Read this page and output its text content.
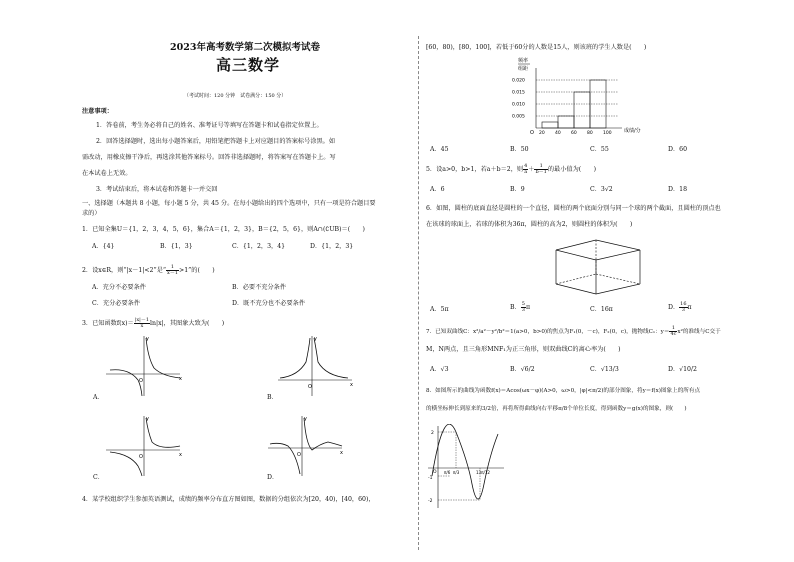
2023年高考数学第二次模拟考试卷
高三数学
（考试时间：120 分钟　试卷满分：150 分）
注意事项：
1．答卷前，考生务必将自己的姓名、准考证号等填写在答题卡和试卷指定位置上。
2．回答选择题时，选出每小题答案后，用铅笔把答题卡上对应题目的答案标号涂黑。如
需改动，用橡皮擦干净后，再选涂其他答案标号。回答非选择题时，将答案写在答题卡上。写
在本试卷上无效。
3．考试结束后，将本试卷和答题卡一并交回
一、选择题（本题共 8 小题，每小题 5 分，共 45 分。在每小题给出的四个选项中，只有一项是符合题目要
求的）
1．已知全集U＝{1，2，3，4，5，6}，集合A＝{1，2，3}，B＝{2，5，6}，则A∩(∁UB)＝(　　)
A．{4}	B．{1，3}	C．{1，2，3，4}	D．{1，2，3}
2．设x∈R，则“|x－1|<2”是“ $\frac{1}{x-1} >1$”的(　　)
A．充分不必要条件	B．必要不充分条件
C．充分必要条件	D．既不充分也不必要条件
3．已知函数$f(x)= \frac{|x|-1}{x} \ln|x|$，其图象大致为(　　)
O	x
y
A．
O	x
y
B．
O	x
y
C．
O	x
y
D．
4．某学校组织学生参加英语测试，成绩的频率分布直方图如图，数据的分组依次为[20，40)，[40，60)，
[60，80)，[80，100]，若低于60分的人数是15人，则该班的学生人数是(　　)
频率
组距
0.020
0.015
0.010
0.005
20 40 60 80 100
O	成绩/分
A．45	B．50	C．55	D．60
5．设a>0，b>1，若a＋b＝2，则 $\frac{4}{a} + \frac{1}{b-1}$ 的最小值为(　　)
A．6	B．9	C．3√2	D．18
6．如图，圆柱的底面直径是圆柱的一个直径，圆柱的两个底面分别与同一个球的两个截面，且圆柱的顶点也
在该球的球面上，若球的体积为36π，圆柱的高为2，则圆柱的体积为(　　)
A．5π	B． $\frac{5}{3}$ π	C．16π	D． $\frac{16}{3}$ π
7．已知双曲线C：x²/a²－y²/b²＝1(a>0，b>0)的焦点为F₁(0，－c)，F₂(0，c)，抛物线C₁：$y= \frac{1}{4c} x^2$的准线与C交于
M，N两点，且三角形MNF₁为正三角形，则双曲线C的离心率为(　　)
A．√3	B．√6/2	C．√13/3	D．√10/2
8．如图所示的曲线为函数f(x)＝Acos(ωx－φ)(A>0，ω>0，|φ|<π/2)的部分图象，将y＝f(x)图象上的所有点
的横坐标伸长到原来的3/2倍，再将所得曲线向右平移π/8个单位长度，得到函数y＝g(x)的图象，则(　　)
2
O
-1
-2
π/6 π/3	13π/12
